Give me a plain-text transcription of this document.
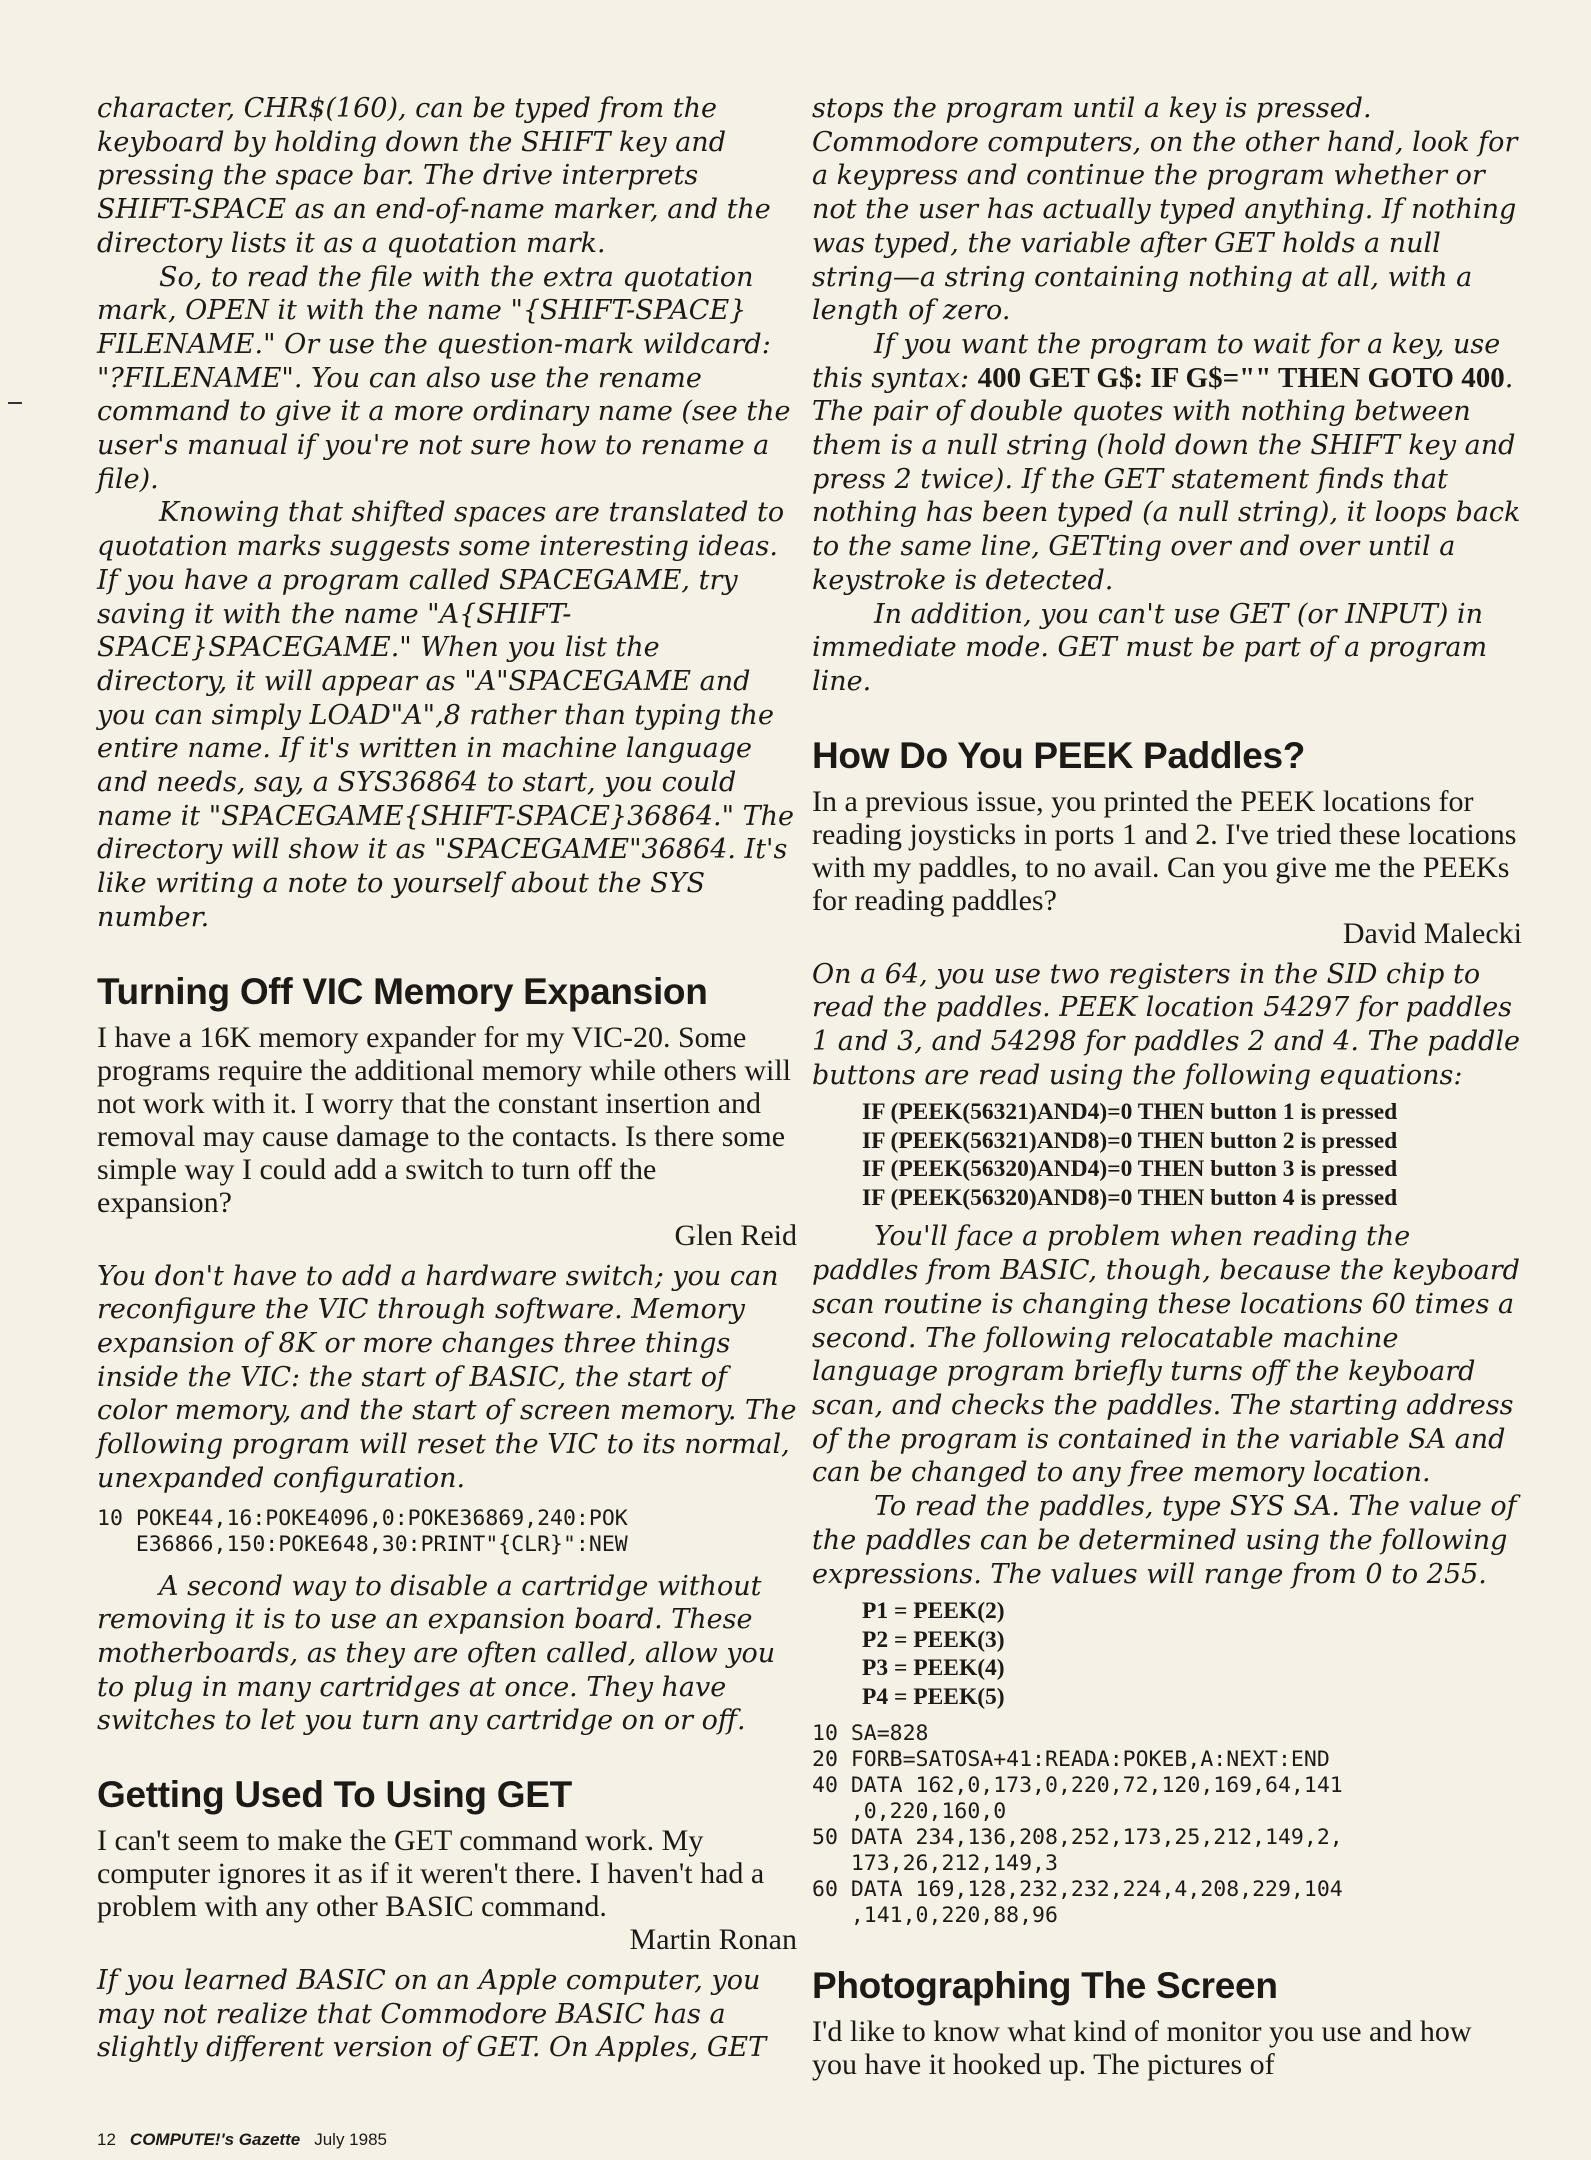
character, CHR$(160), can be typed from the keyboard by holding down the SHIFT key and pressing the space bar. The drive interprets SHIFT-SPACE as an end-of-name marker, and the directory lists it as a quotation mark.

So, to read the file with the extra quotation mark, OPEN it with the name "{SHIFT-SPACE} FILENAME." Or use the question-mark wildcard: "?FILENAME". You can also use the rename command to give it a more ordinary name (see the user's manual if you're not sure how to rename a file).

Knowing that shifted spaces are translated to quotation marks suggests some interesting ideas. If you have a program called SPACEGAME, try saving it with the name "A{SHIFT-SPACE}SPACEGAME." When you list the directory, it will appear as "A"SPACEGAME and you can simply LOAD"A",8 rather than typing the entire name. If it's written in machine language and needs, say, a SYS36864 to start, you could name it "SPACEGAME{SHIFT-SPACE}36864." The directory will show it as "SPACEGAME"36864. It's like writing a note to yourself about the SYS number.

Turning Off VIC Memory Expansion

I have a 16K memory expander for my VIC-20. Some programs require the additional memory while others will not work with it. I worry that the constant insertion and removal may cause damage to the contacts. Is there some simple way I could add a switch to turn off the expansion?

Glen Reid

You don't have to add a hardware switch; you can reconfigure the VIC through software. Memory expansion of 8K or more changes three things inside the VIC: the start of BASIC, the start of color memory, and the start of screen memory. The following program will reset the VIC to its normal, unexpanded configuration.

10 POKE44,16:POKE4096,0:POKE36869,240:POK
E36866,150:POKE648,30:PRINT"{CLR}":NEW

A second way to disable a cartridge without removing it is to use an expansion board. These motherboards, as they are often called, allow you to plug in many cartridges at once. They have switches to let you turn any cartridge on or off.

Getting Used To Using GET

I can't seem to make the GET command work. My computer ignores it as if it weren't there. I haven't had a problem with any other BASIC command.

Martin Ronan

If you learned BASIC on an Apple computer, you may not realize that Commodore BASIC has a slightly different version of GET. On Apples, GET

stops the program until a key is pressed. Commodore computers, on the other hand, look for a keypress and continue the program whether or not the user has actually typed anything. If nothing was typed, the variable after GET holds a null string—a string containing nothing at all, with a length of zero.

If you want the program to wait for a key, use this syntax: 400 GET G$: IF G$="" THEN GOTO 400. The pair of double quotes with nothing between them is a null string (hold down the SHIFT key and press 2 twice). If the GET statement finds that nothing has been typed (a null string), it loops back to the same line, GETting over and over until a keystroke is detected.

In addition, you can't use GET (or INPUT) in immediate mode. GET must be part of a program line.

How Do You PEEK Paddles?

In a previous issue, you printed the PEEK locations for reading joysticks in ports 1 and 2. I've tried these locations with my paddles, to no avail. Can you give me the PEEKs for reading paddles?

David Malecki

On a 64, you use two registers in the SID chip to read the paddles. PEEK location 54297 for paddles 1 and 3, and 54298 for paddles 2 and 4. The paddle buttons are read using the following equations:

IF (PEEK(56321)AND4)=0 THEN button 1 is pressed
IF (PEEK(56321)AND8)=0 THEN button 2 is pressed
IF (PEEK(56320)AND4)=0 THEN button 3 is pressed
IF (PEEK(56320)AND8)=0 THEN button 4 is pressed

You'll face a problem when reading the paddles from BASIC, though, because the keyboard scan routine is changing these locations 60 times a second. The following relocatable machine language program briefly turns off the keyboard scan, and checks the paddles. The starting address of the program is contained in the variable SA and can be changed to any free memory location.

To read the paddles, type SYS SA. The value of the paddles can be determined using the following expressions. The values will range from 0 to 255.

P1 = PEEK(2)
P2 = PEEK(3)
P3 = PEEK(4)
P4 = PEEK(5)
10 SA=828
20 FORB=SATOSA+41:READA:POKEB,A:NEXT:END
40 DATA 162,0,173,0,220,72,120,169,64,141
,0,220,160,0
50 DATA 234,136,208,252,173,25,212,149,2,
173,26,212,149,3
60 DATA 169,128,232,232,224,4,208,229,104
,141,0,220,88,96
Photographing The Screen

I'd like to know what kind of monitor you use and how you have it hooked up. The pictures of

12 COMPUTE!'s Gazette July 1985
